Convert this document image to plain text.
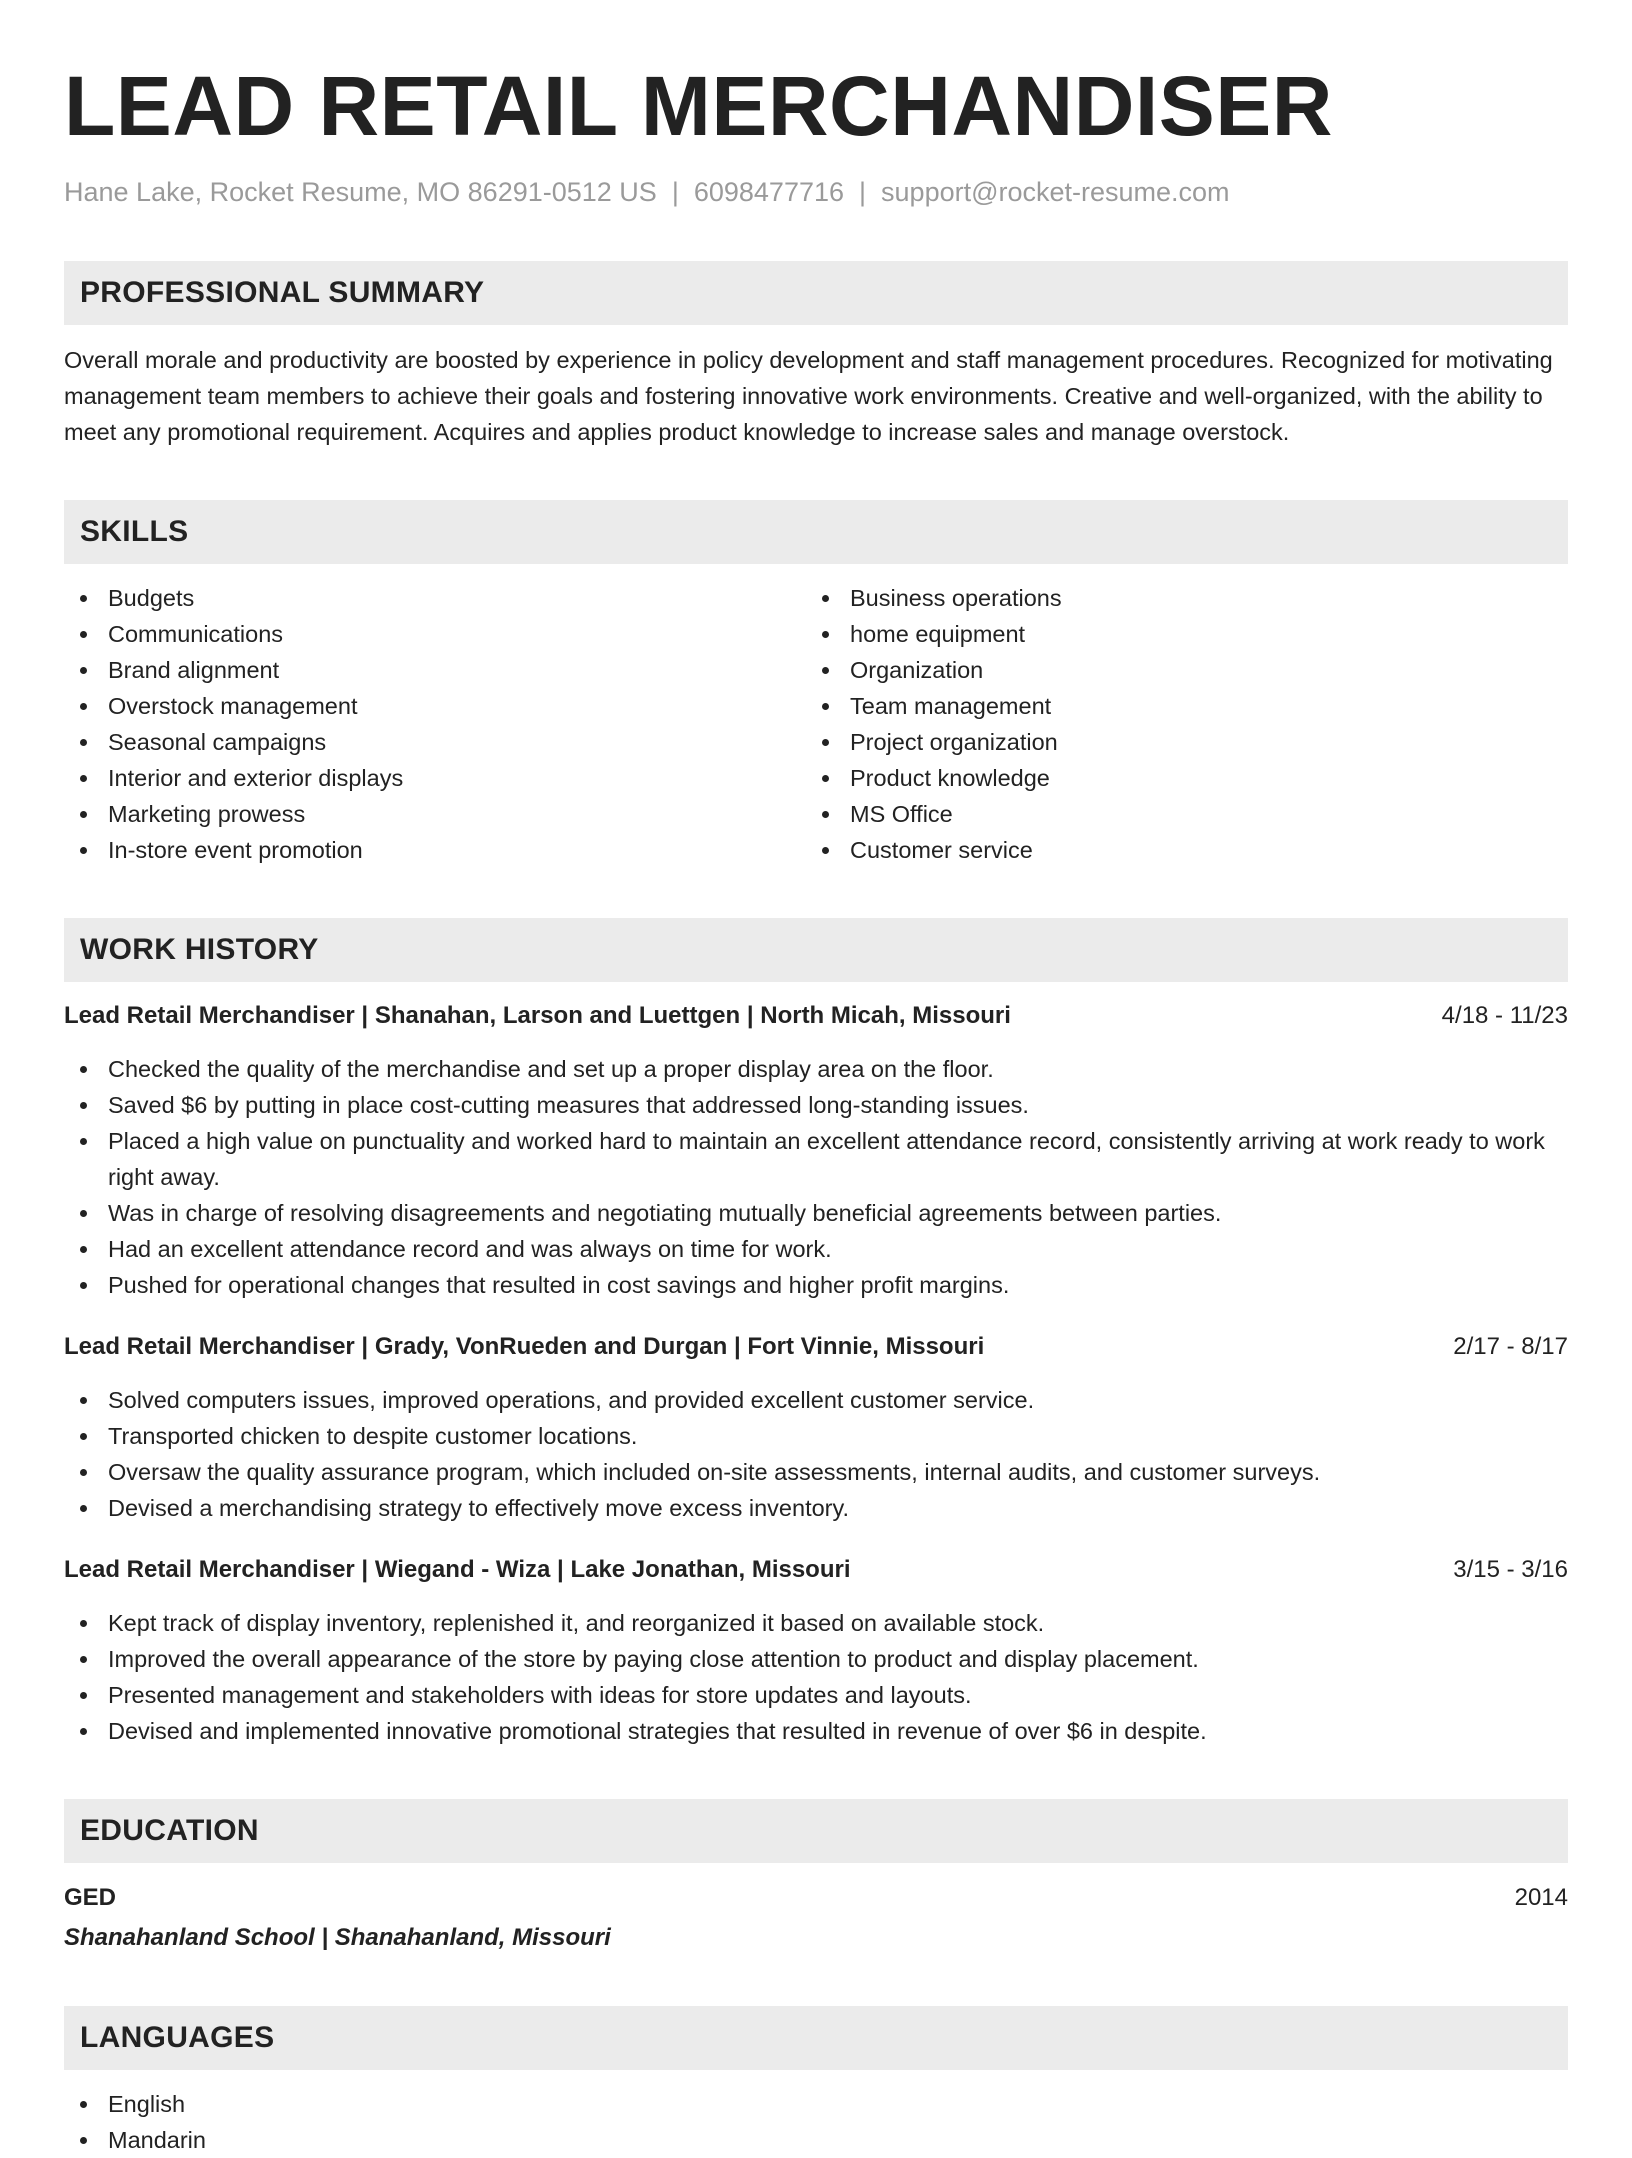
LEAD RETAIL MERCHANDISER
Hane Lake, Rocket Resume, MO 86291-0512 US | 6098477716 | support@rocket-resume.com
PROFESSIONAL SUMMARY

Overall morale and productivity are boosted by experience in policy development and staff management procedures. Recognized for motivating management team members to achieve their goals and fostering innovative work environments. Creative and well-organized, with the ability to meet any promotional requirement. Acquires and applies product knowledge to increase sales and manage overstock.

SKILLS
Budgets
Communications
Brand alignment
Overstock management
Seasonal campaigns
Interior and exterior displays
Marketing prowess
In-store event promotion
Business operations
home equipment
Organization
Team management
Project organization
Product knowledge
MS Office
Customer service
WORK HISTORY
Lead Retail Merchandiser | Shanahan, Larson and Luettgen | North Micah, Missouri	4/18 - 11/23
Checked the quality of the merchandise and set up a proper display area on the floor.
Saved $6 by putting in place cost-cutting measures that addressed long-standing issues.
Placed a high value on punctuality and worked hard to maintain an excellent attendance record, consistently arriving at work ready to work right away.
Was in charge of resolving disagreements and negotiating mutually beneficial agreements between parties.
Had an excellent attendance record and was always on time for work.
Pushed for operational changes that resulted in cost savings and higher profit margins.
Lead Retail Merchandiser | Grady, VonRueden and Durgan | Fort Vinnie, Missouri	2/17 - 8/17
Solved computers issues, improved operations, and provided excellent customer service.
Transported chicken to despite customer locations.
Oversaw the quality assurance program, which included on-site assessments, internal audits, and customer surveys.
Devised a merchandising strategy to effectively move excess inventory.
Lead Retail Merchandiser | Wiegand - Wiza | Lake Jonathan, Missouri	3/15 - 3/16
Kept track of display inventory, replenished it, and reorganized it based on available stock.
Improved the overall appearance of the store by paying close attention to product and display placement.
Presented management and stakeholders with ideas for store updates and layouts.
Devised and implemented innovative promotional strategies that resulted in revenue of over $6 in despite.
EDUCATION
GED	2014
Shanahanland School | Shanahanland, Missouri
LANGUAGES
English
Mandarin
